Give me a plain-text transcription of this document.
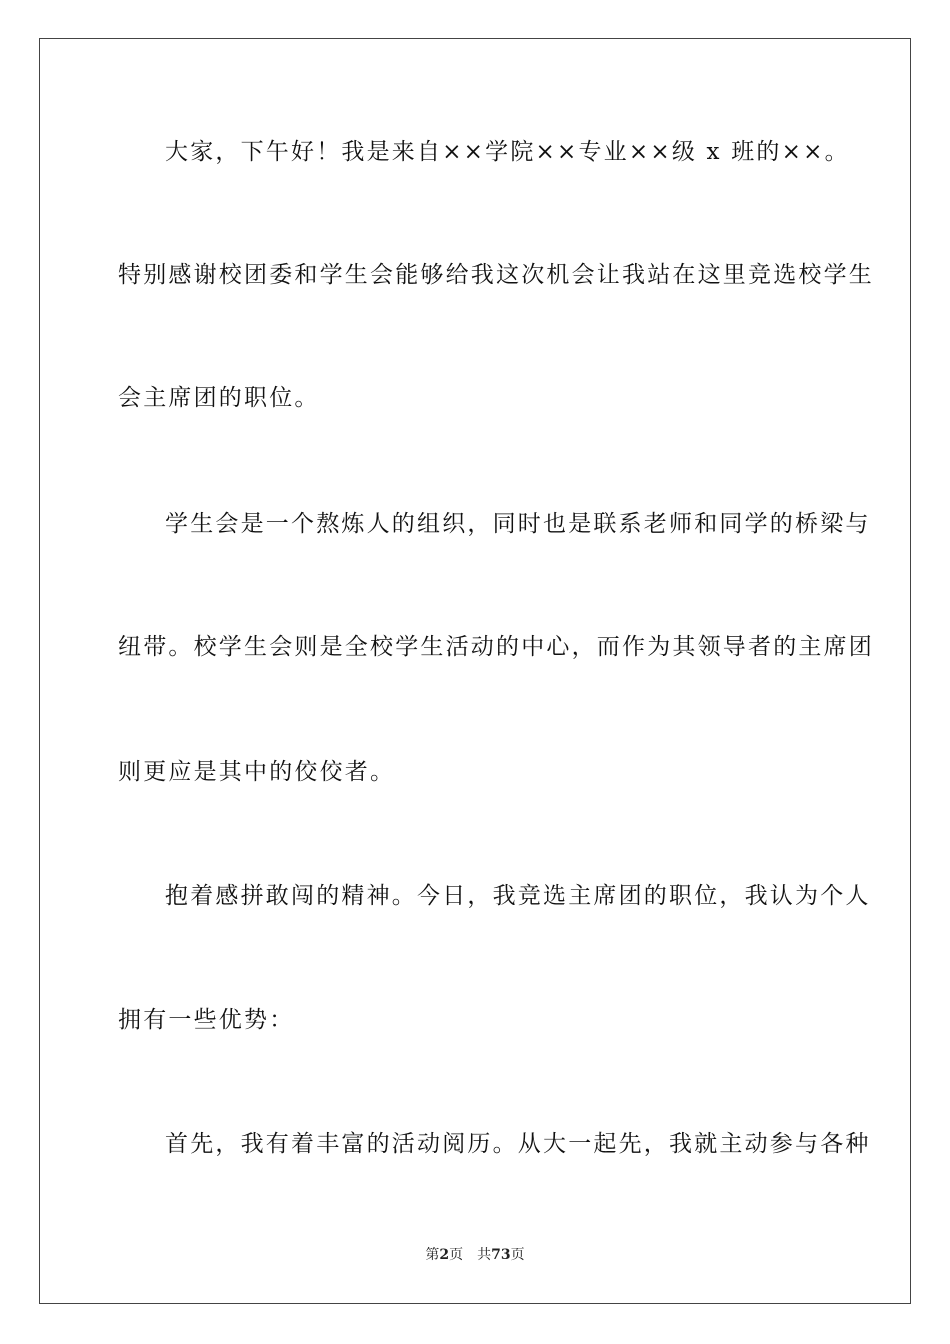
大家，下午好！我是来自××学院××专业××级 x 班的××。
特别感谢校团委和学生会能够给我这次机会让我站在这里竞选校学生
会主席团的职位。
学生会是一个熬炼人的组织，同时也是联系老师和同学的桥梁与
纽带。校学生会则是全校学生活动的中心，而作为其领导者的主席团
则更应是其中的佼佼者。
抱着感拼敢闯的精神。今日，我竞选主席团的职位，我认为个人
拥有一些优势：
首先，我有着丰富的活动阅历。从大一起先，我就主动参与各种
第2页 共73页
